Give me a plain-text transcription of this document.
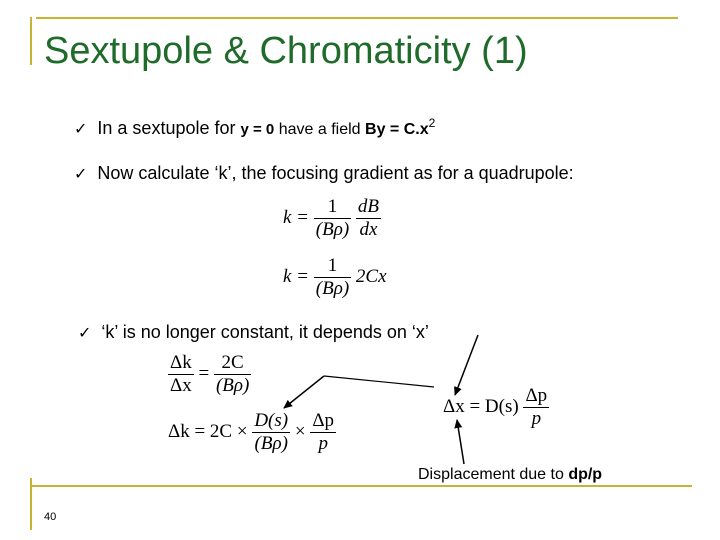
Sextupole & Chromaticity (1)
✓ In a sextupole for y = 0 have a field $By = C.x^2$
✓ Now calculate ‘k’, the focusing gradient as for a quadrupole:
$k = \frac{1}{(B\rho)}$
$\frac{dB}{dx}$
$k = \frac{1}{(B\rho)} 2Cx$
✓ ‘k’ is no longer constant, it depends on ‘x’
$\frac{\Delta k}{\Delta x} = \frac{2C}{(B\rho)}$
$\Delta k = 2C \times \frac{D(s)}{(B\rho)} \times \frac{\Delta p}{p}$
$\Delta x = D(s) \frac{\Delta p}{p}$
Displacement due to dp/p
40
